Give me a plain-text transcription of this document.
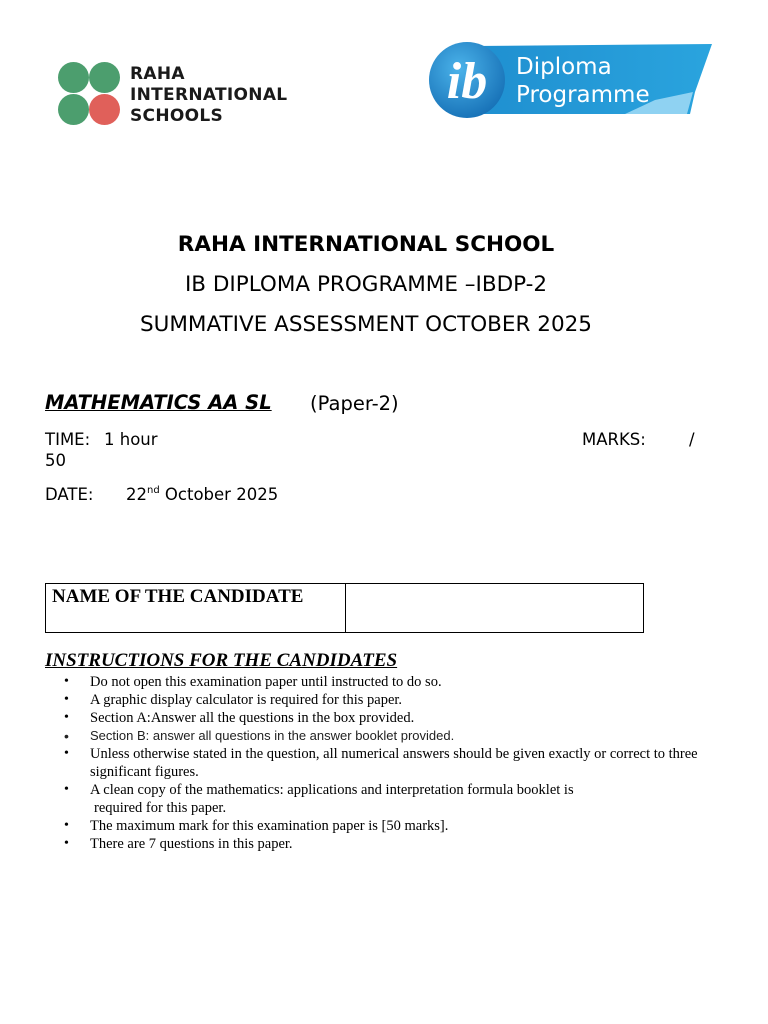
RAHA
INTERNATIONAL
SCHOOLS
ib Diploma
Programme
RAHA INTERNATIONAL SCHOOL
IB DIPLOMA PROGRAMME –IBDP-2
SUMMATIVE ASSESSMENT OCTOBER 2025
MATHEMATICS AA SL (Paper-2)
TIME: 1 hour	MARKS:	/
50
DATE: 22nd October 2025
NAME OF THE CANDIDATE
INSTRUCTIONS FOR THE CANDIDATES
• Do not open this examination paper until instructed to do so.
• A graphic display calculator is required for this paper.
• Section A:Answer all the questions in the box provided.
• Section B: answer all questions in the answer booklet provided.
• Unless otherwise stated in the question, all numerical answers should be given exactly or correct to three
significant figures.
• A clean copy of the mathematics: applications and interpretation formula booklet is
required for this paper.
• The maximum mark for this examination paper is [50 marks].
• There are 7 questions in this paper.
